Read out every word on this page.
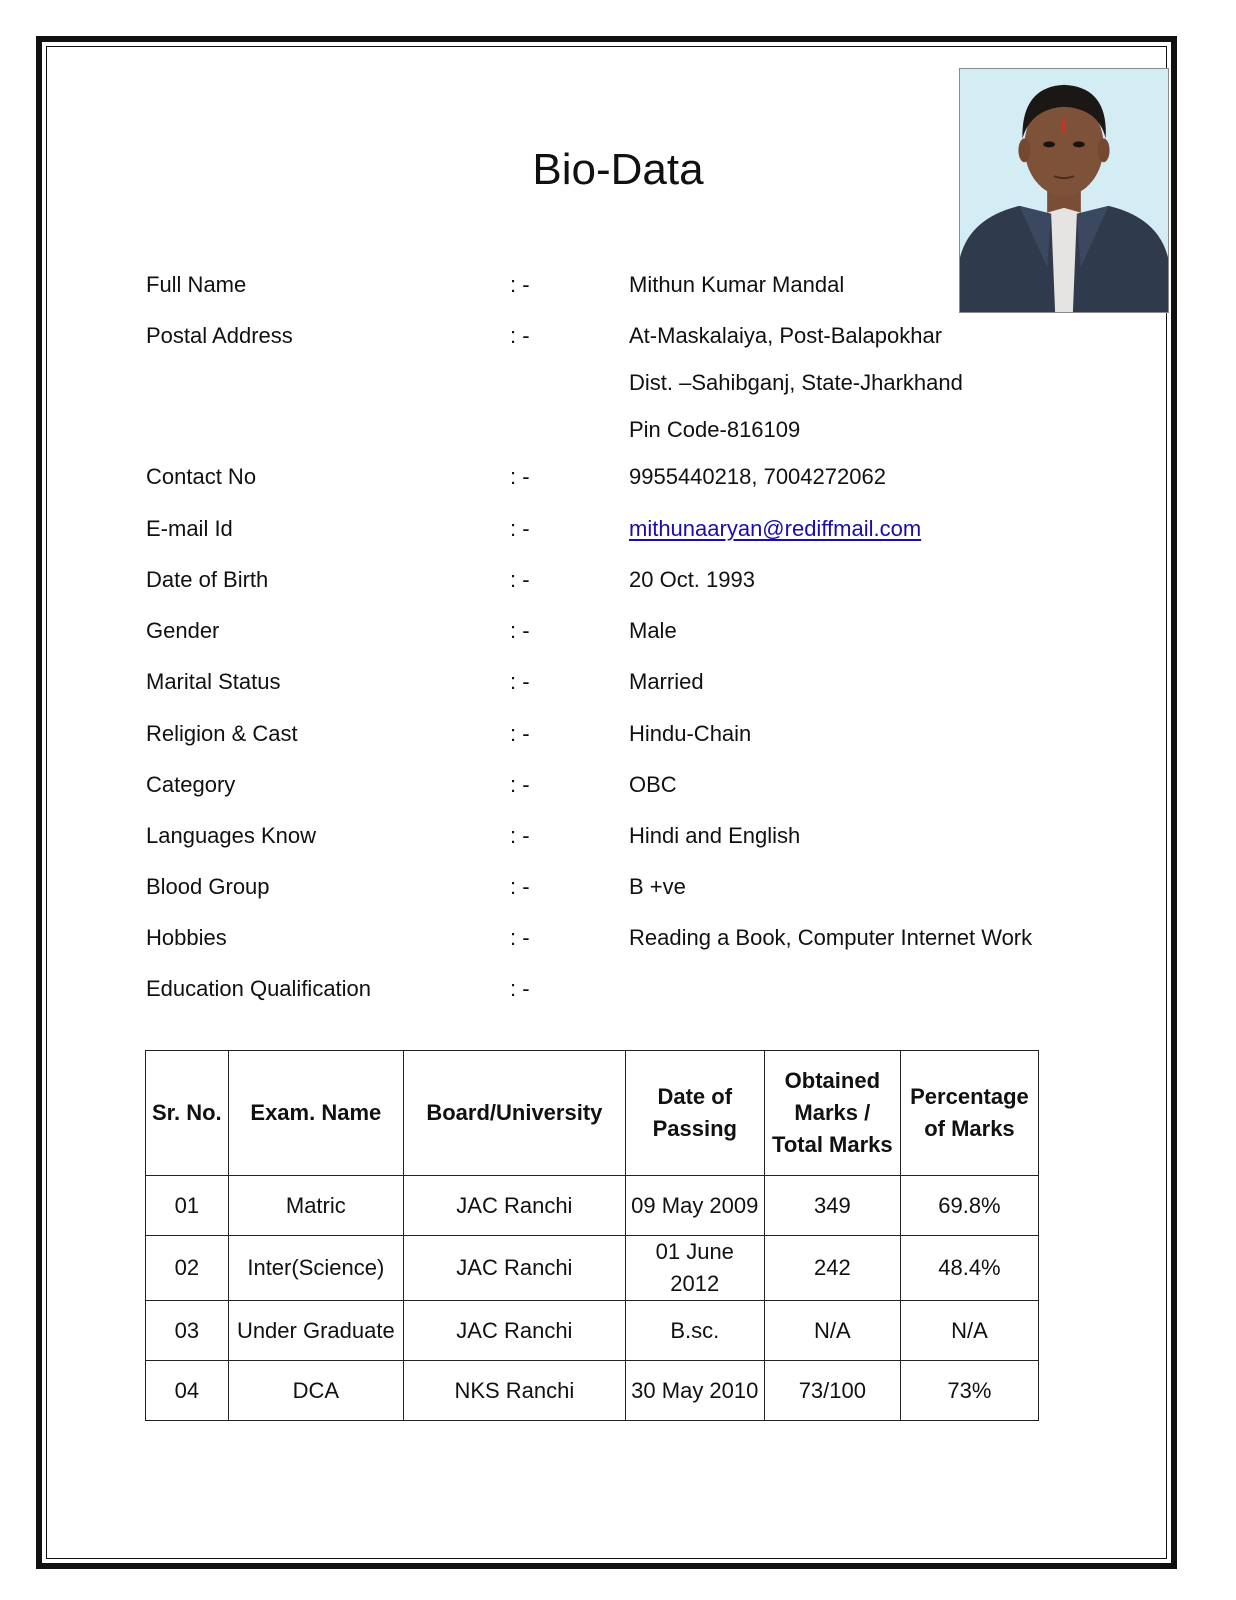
Bio-Data
Full Name	: -	Mithun Kumar Mandal
Postal Address	: -	At-Maskalaiya, Post-Balapokhar
Dist. –Sahibganj, State-Jharkhand
Pin Code-816109
Contact No	: -	9955440218, 7004272062
E-mail Id	: -	mithunaaryan@rediffmail.com
Date of Birth	: -	20 Oct. 1993
Gender	: -	Male
Marital Status	: -	Married
Religion & Cast	: -	Hindu-Chain
Category	: -	OBC
Languages Know	: -	Hindi and English
Blood Group	: -	B +ve
Hobbies	: -	Reading a Book, Computer Internet Work
Education Qualification	: -
Sr. No.	Exam. Name	Board/University	Date of Passing	Obtained Marks / Total Marks	Percentage of Marks
01	Matric	JAC Ranchi	09 May 2009	349	69.8%
02	Inter(Science)	JAC Ranchi	01 June 2012	242	48.4%
03	Under Graduate	JAC Ranchi	B.sc.	N/A	N/A
04	DCA	NKS Ranchi	30 May 2010	73/100	73%
